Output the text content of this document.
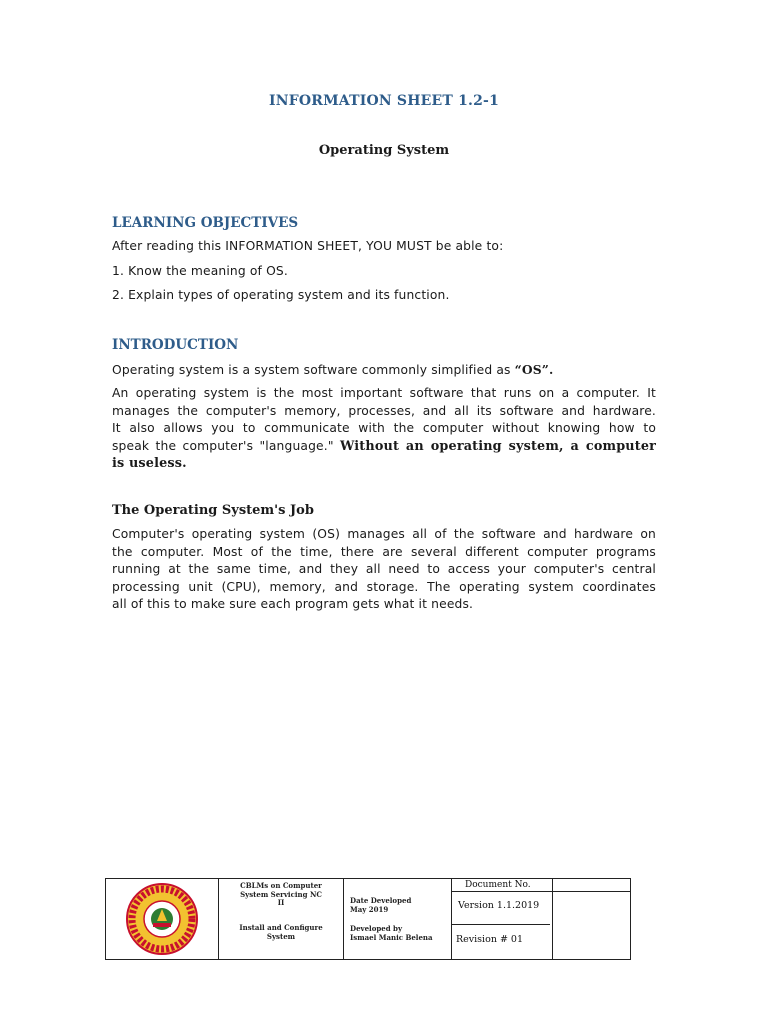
INFORMATION SHEET 1.2-1
Operating System
LEARNING OBJECTIVES
After reading this INFORMATION SHEET, YOU MUST be able to:
1. Know the meaning of OS.
2. Explain types of operating system and its function.
INTRODUCTION
Operating system is a system software commonly simplified as “OS”.
An operating system is the most important software that runs on a computer. It
manages the computer's memory, processes, and all its software and hardware.
It also allows you to communicate with the computer without knowing how to
speak the computer's "language." Without an operating system, a computer
is useless.
The Operating System's Job
Computer's operating system (OS) manages all of the software and hardware on
the computer. Most of the time, there are several different computer programs
running at the same time, and they all need to access your computer's central
processing unit (CPU), memory, and storage. The operating system coordinates
all of this to make sure each program gets what it needs.
CBLMs on Computer
System Servicing NC
II
Install and Configure
System
Date Developed
May 2019
Developed by
Ismael Manic Belena
Document No.
Version 1.1.2019
Revision # 01
